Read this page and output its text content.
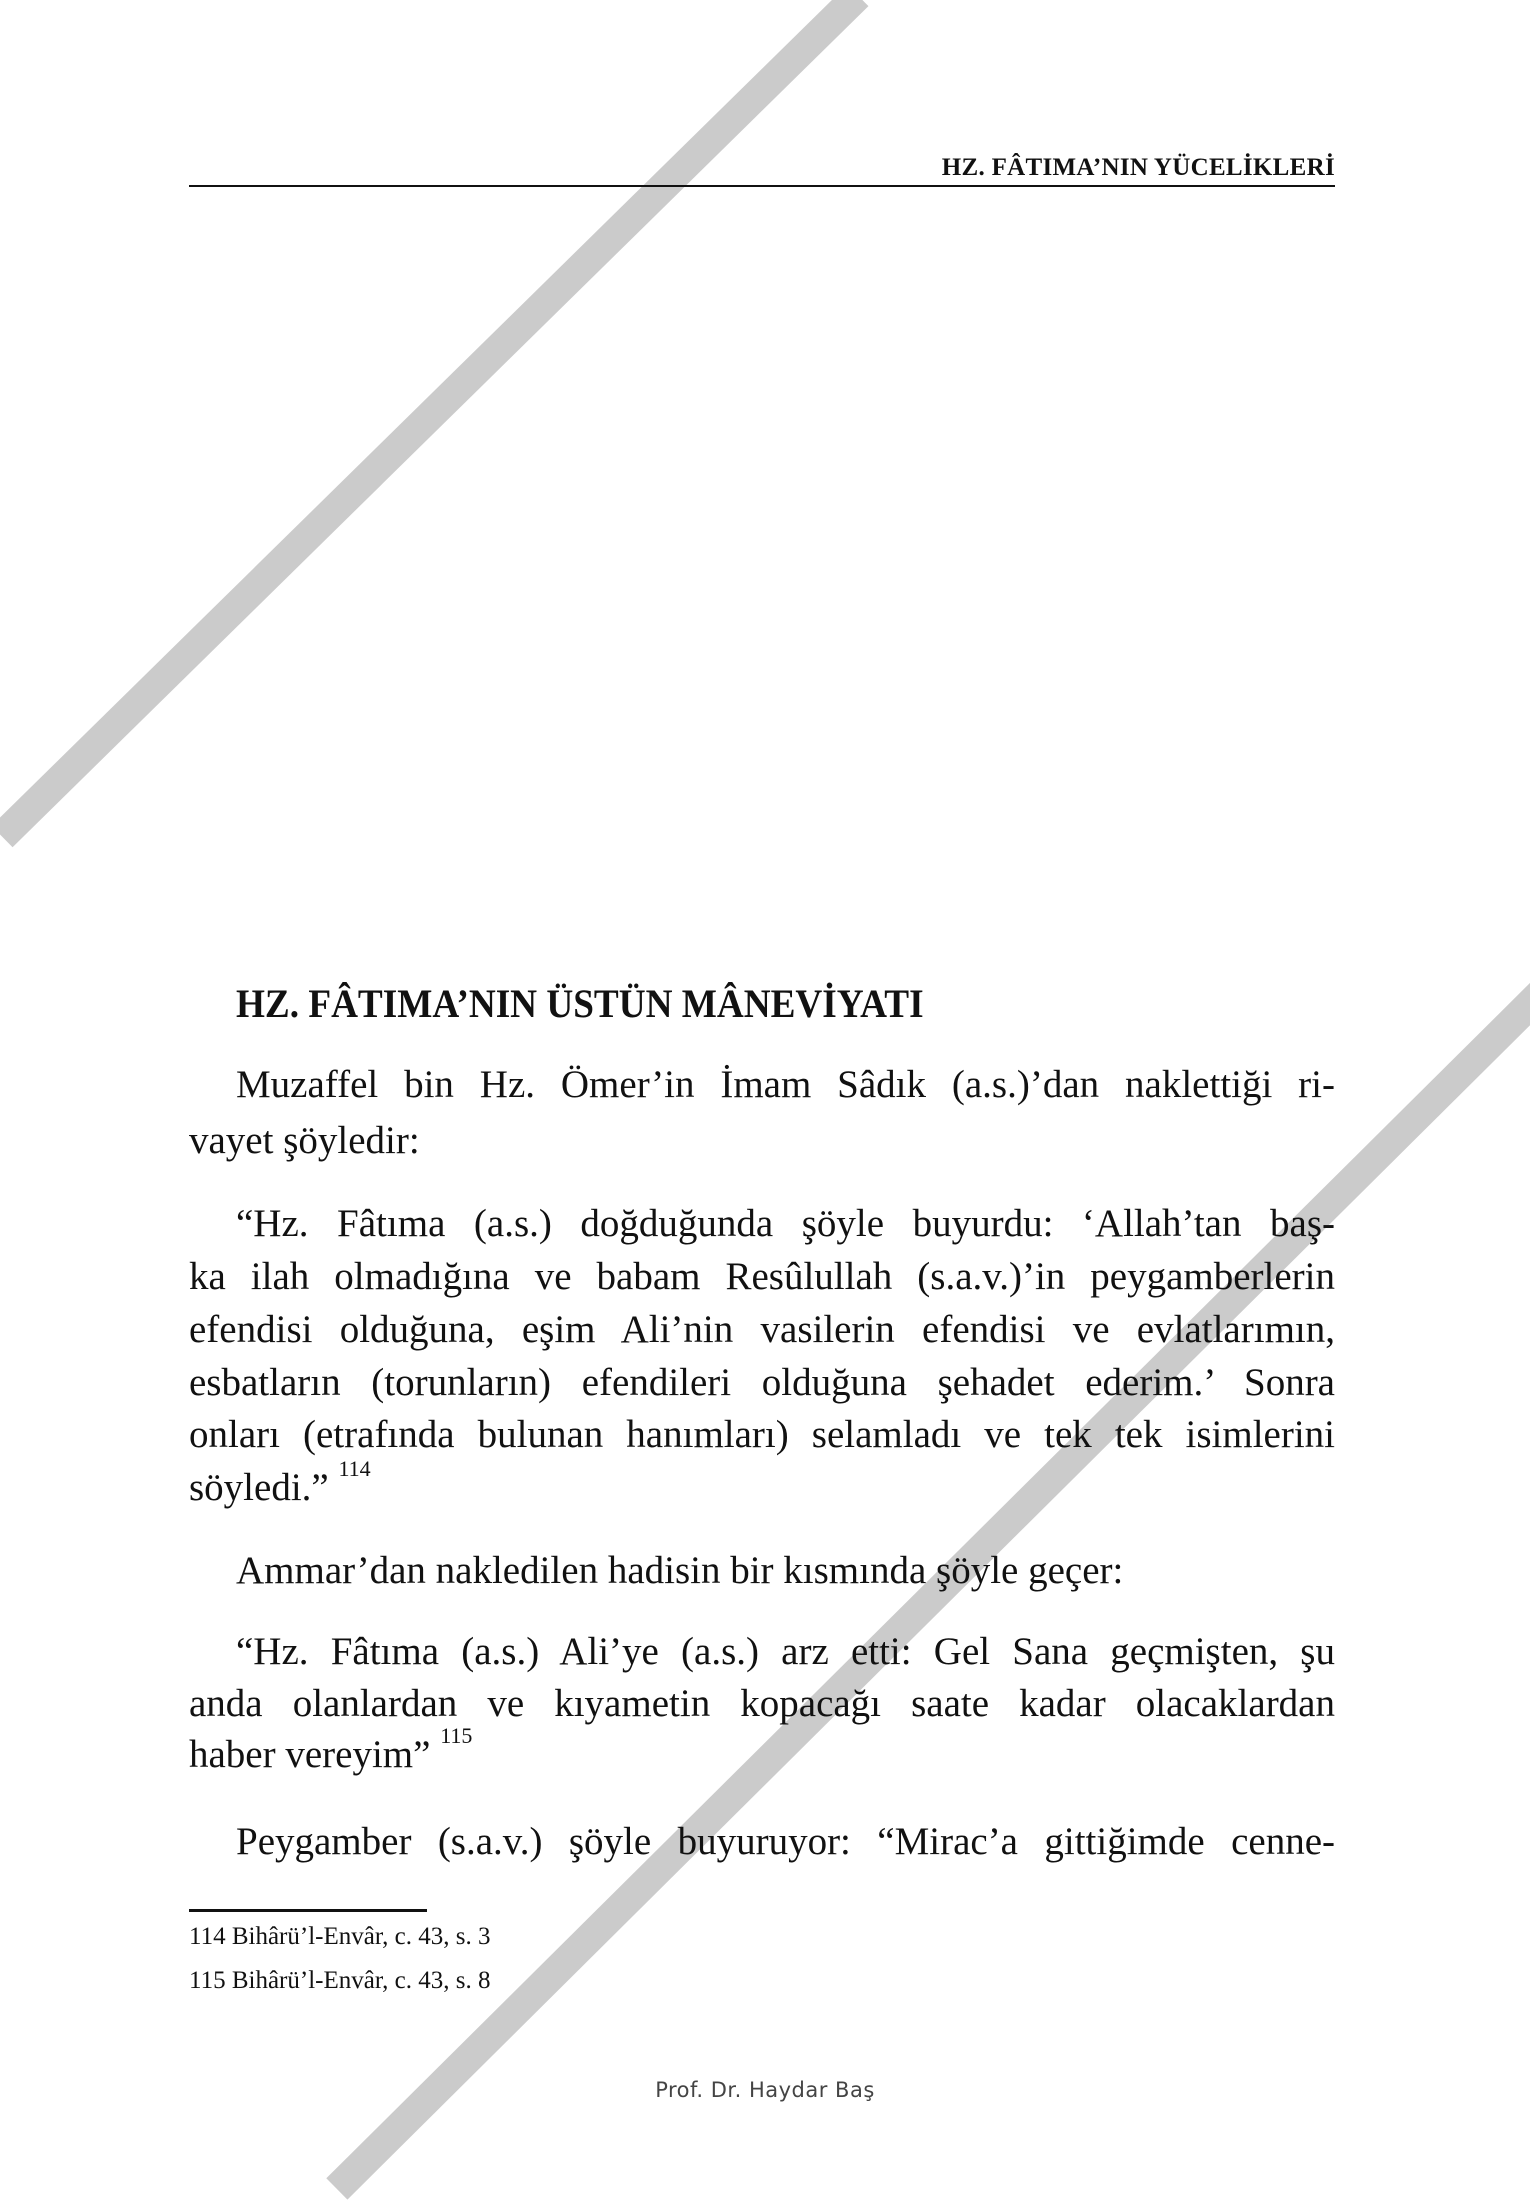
HZ. FÂTIMA’NIN YÜCELİKLERİ
HZ. FÂTIMA’NIN ÜSTÜN MÂNEVİYATI
Muzaffel bin Hz. Ömer’in İmam Sâdık (a.s.)’dan naklettiği ri-
vayet şöyledir:
“Hz. Fâtıma (a.s.) doğduğunda şöyle buyurdu: ‘Allah’tan baş-
ka ilah olmadığına ve babam Resûlullah (s.a.v.)’in peygamberlerin
efendisi olduğuna, eşim Ali’nin vasilerin efendisi ve evlatlarımın,
esbatların (torunların) efendileri olduğuna şehadet ederim.’ Sonra
onları (etrafında bulunan hanımları) selamladı ve tek tek isimlerini
söyledi.” $^{114}$
Ammar’dan nakledilen hadisin bir kısmında şöyle geçer:
“Hz. Fâtıma (a.s.) Ali’ye (a.s.) arz etti: Gel Sana geçmişten, şu
anda olanlardan ve kıyametin kopacağı saate kadar olacaklardan
haber vereyim” $^{115}$
Peygamber (s.a.v.) şöyle buyuruyor: “Mirac’a gittiğimde cenne-
114 Bihârü’l-Envâr, c. 43, s. 3
115 Bihârü’l-Envâr, c. 43, s. 8
Prof. Dr. Haydar Baş
